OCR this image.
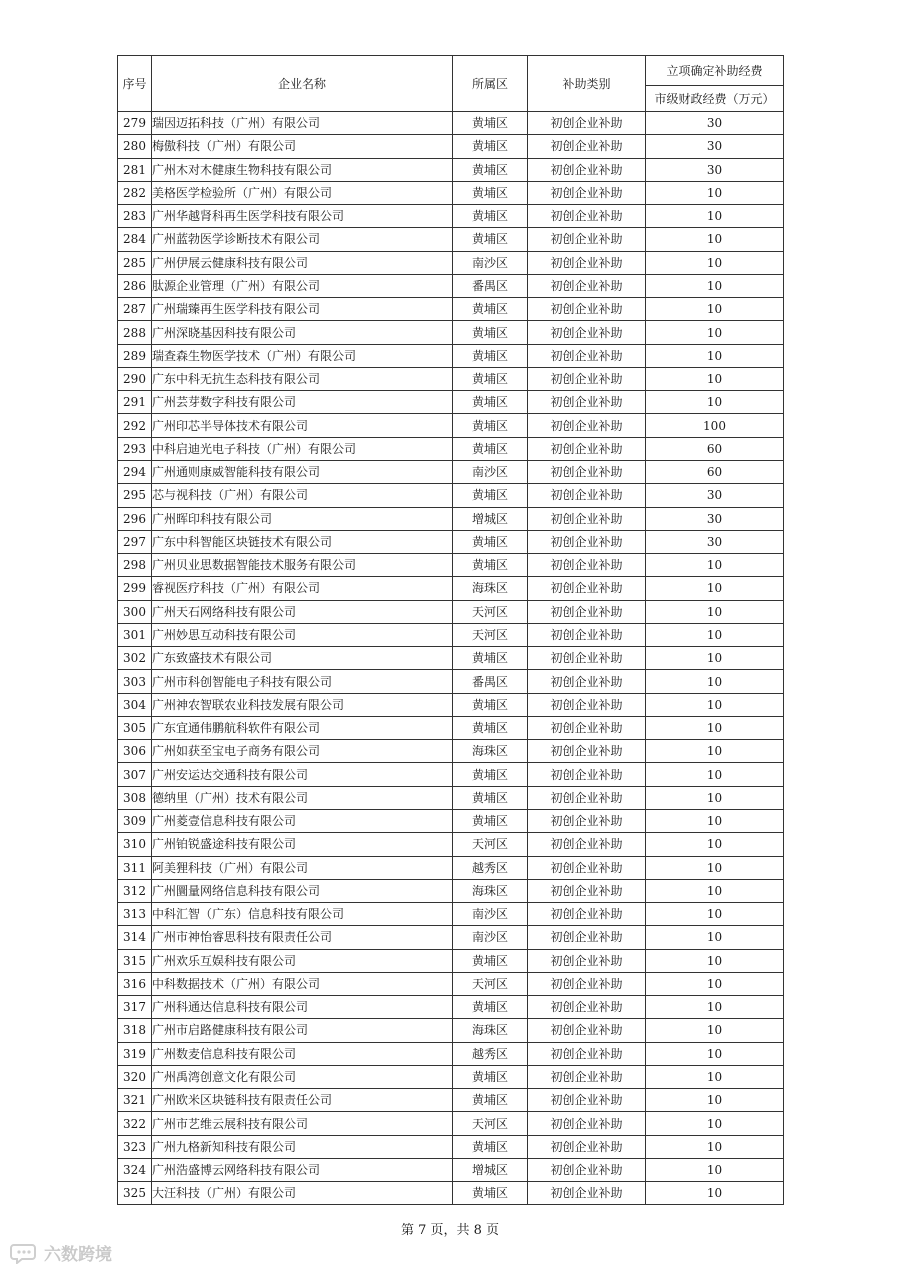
序号	企业名称	所属区	补助类别	立项确定补助经费
				市级财政经费（万元）
279	瑞因迈拓科技（广州）有限公司	黄埔区	初创企业补助	30
280	梅傲科技（广州）有限公司	黄埔区	初创企业补助	30
281	广州木对木健康生物科技有限公司	黄埔区	初创企业补助	30
282	美格医学检验所（广州）有限公司	黄埔区	初创企业补助	10
283	广州华越肾科再生医学科技有限公司	黄埔区	初创企业补助	10
284	广州蓝勃医学诊断技术有限公司	黄埔区	初创企业补助	10
285	广州伊展云健康科技有限公司	南沙区	初创企业补助	10
286	肽源企业管理（广州）有限公司	番禺区	初创企业补助	10
287	广州瑞臻再生医学科技有限公司	黄埔区	初创企业补助	10
288	广州深晓基因科技有限公司	黄埔区	初创企业补助	10
289	瑞查森生物医学技术（广州）有限公司	黄埔区	初创企业补助	10
290	广东中科无抗生态科技有限公司	黄埔区	初创企业补助	10
291	广州芸芽数字科技有限公司	黄埔区	初创企业补助	10
292	广州印芯半导体技术有限公司	黄埔区	初创企业补助	100
293	中科启迪光电子科技（广州）有限公司	黄埔区	初创企业补助	60
294	广州通则康威智能科技有限公司	南沙区	初创企业补助	60
295	芯与视科技（广州）有限公司	黄埔区	初创企业补助	30
296	广州晖印科技有限公司	增城区	初创企业补助	30
297	广东中科智能区块链技术有限公司	黄埔区	初创企业补助	30
298	广州贝业思数据智能技术服务有限公司	黄埔区	初创企业补助	10
299	睿视医疗科技（广州）有限公司	海珠区	初创企业补助	10
300	广州天石网络科技有限公司	天河区	初创企业补助	10
301	广州妙思互动科技有限公司	天河区	初创企业补助	10
302	广东致盛技术有限公司	黄埔区	初创企业补助	10
303	广州市科创智能电子科技有限公司	番禺区	初创企业补助	10
304	广州神农智联农业科技发展有限公司	黄埔区	初创企业补助	10
305	广东宜通伟鹏航科软件有限公司	黄埔区	初创企业补助	10
306	广州如获至宝电子商务有限公司	海珠区	初创企业补助	10
307	广州安运达交通科技有限公司	黄埔区	初创企业补助	10
308	德纳里（广州）技术有限公司	黄埔区	初创企业补助	10
309	广州菱壹信息科技有限公司	黄埔区	初创企业补助	10
310	广州铂锐盛途科技有限公司	天河区	初创企业补助	10
311	阿美狸科技（广州）有限公司	越秀区	初创企业补助	10
312	广州圜量网络信息科技有限公司	海珠区	初创企业补助	10
313	中科汇智（广东）信息科技有限公司	南沙区	初创企业补助	10
314	广州市神怡睿思科技有限责任公司	南沙区	初创企业补助	10
315	广州欢乐互娱科技有限公司	黄埔区	初创企业补助	10
316	中科数据技术（广州）有限公司	天河区	初创企业补助	10
317	广州科通达信息科技有限公司	黄埔区	初创企业补助	10
318	广州市启路健康科技有限公司	海珠区	初创企业补助	10
319	广州数麦信息科技有限公司	越秀区	初创企业补助	10
320	广州禹湾创意文化有限公司	黄埔区	初创企业补助	10
321	广州欧米区块链科技有限责任公司	黄埔区	初创企业补助	10
322	广州市艺维云展科技有限公司	天河区	初创企业补助	10
323	广州九格新知科技有限公司	黄埔区	初创企业补助	10
324	广州浩盛博云网络科技有限公司	增城区	初创企业补助	10
325	大汪科技（广州）有限公司	黄埔区	初创企业补助	10
第 7 页，共 8 页
六数跨境
